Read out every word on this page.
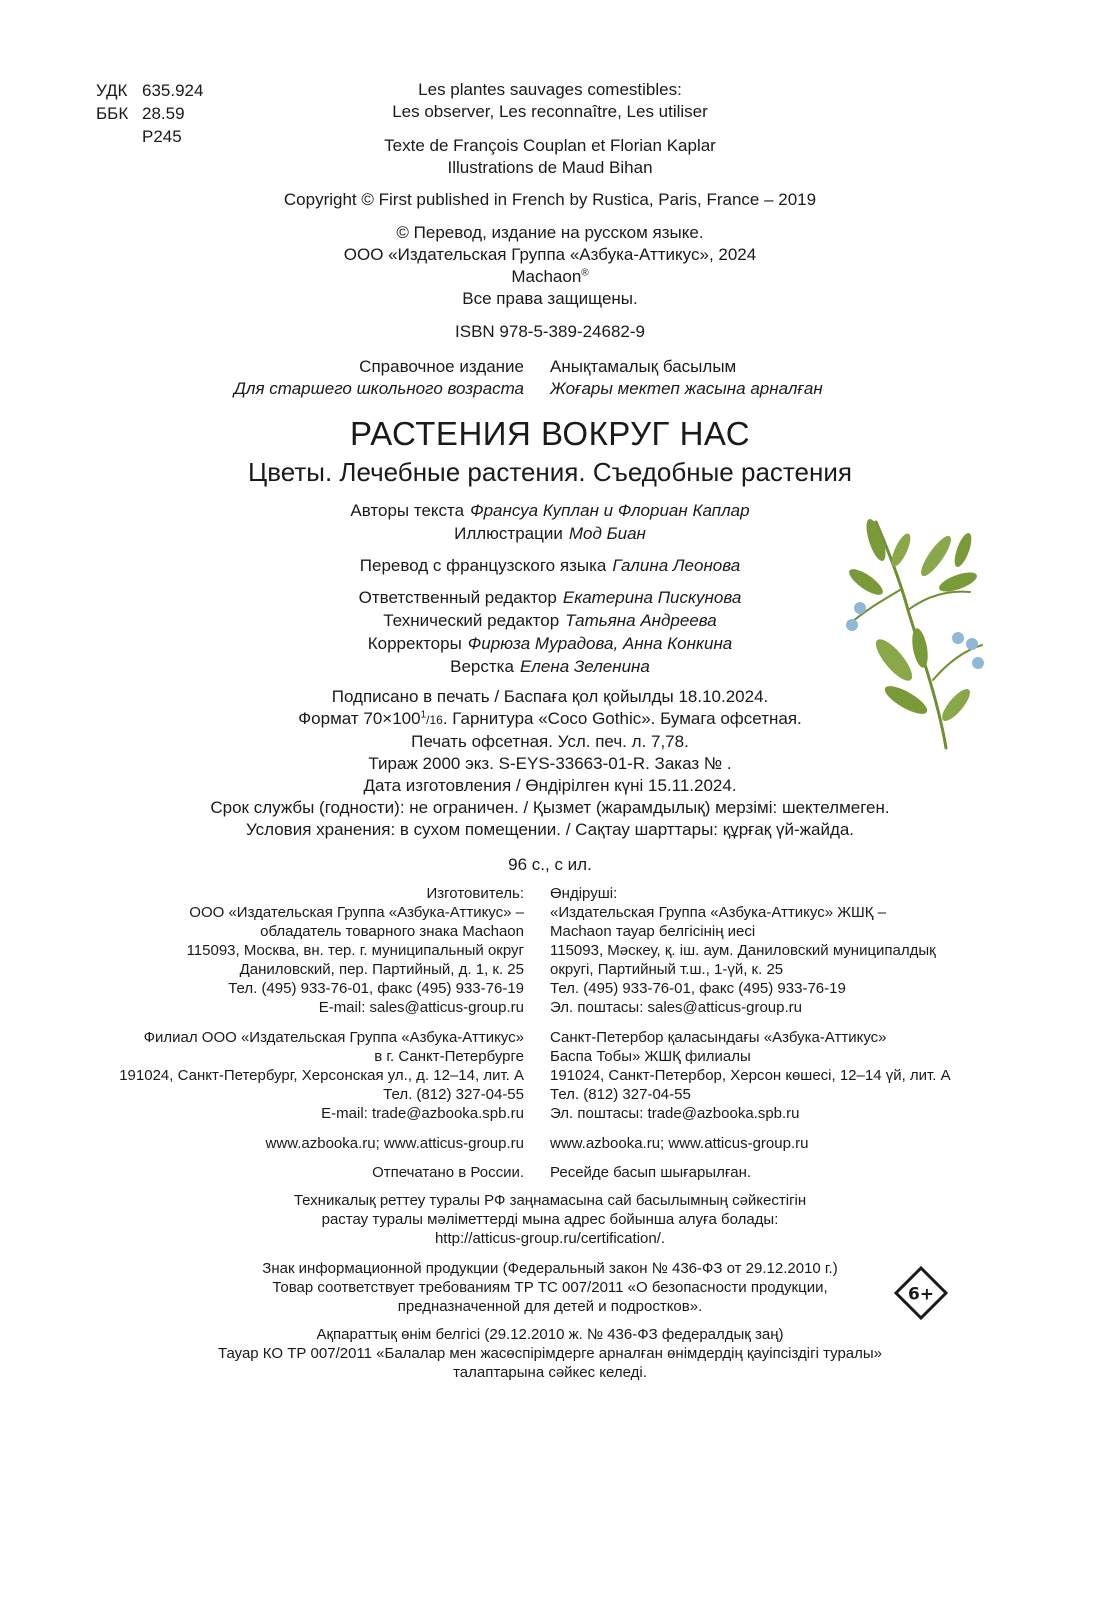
УДК 635.924
ББК 28.59
Р245
Les plantes sauvages comestibles:
Les observer, Les reconnaître, Les utiliser
Texte de François Couplan et Florian Kaplar
Illustrations de Maud Bihan
Copyright © First published in French by Rustica, Paris, France – 2019
© Перевод, издание на русском языке.
ООО «Издательская Группа «Азбука-Аттикус», 2024
Machaon®
Все права защищены.
ISBN 978-5-389-24682-9
Справочное издание	Анықтамалық басылым
Для старшего школьного возраста	Жоғары мектеп жасына арналған
РАСТЕНИЯ ВОКРУГ НАС
Цветы. Лечебные растения. Съедобные растения
Авторы текста Франсуа Куплан и Флориан Каплар
Иллюстрации Мод Биан
Перевод с французского языка Галина Леонова
Ответственный редактор Екатерина Пискунова
Технический редактор Татьяна Андреева
Корректоры Фирюза Мурадова, Анна Конкина
Верстка Елена Зеленина
Подписано в печать / Баспаға қол қойылды 18.10.2024.
Формат $70\times 100^1/16$. Гарнитура «Coco Gothic». Бумага офсетная.
Печать офсетная. Усл. печ. л. 7,78.
Тираж 2000 экз. S-EYS-33663-01-R. Заказ № .
Дата изготовления / Өндірілген күні 15.11.2024.
Срок службы (годности): не ограничен. / Қызмет (жарамдылық) мерзімі: шектелмеген.
Условия хранения: в сухом помещении. / Сақтау шарттары: құрғақ үй-жайда.
96 с., с ил.
Изготовитель:	Өндіруші:
ООО «Издательская Группа «Азбука-Аттикус» –	«Издательская Группа «Азбука-Аттикус» ЖШҚ –
обладатель товарного знака Machaon	Machaon тауар белгісінің иесі
115093, Москва, вн. тер. г. муниципальный округ	115093, Мәскеу, қ. іш. аум. Даниловский муниципалдық
Даниловский, пер. Партийный, д. 1, к. 25	округі, Партийный т.ш., 1-үй, к. 25
Тел. (495) 933-76-01, факс (495) 933-76-19	Тел. (495) 933-76-01, факс (495) 933-76-19
E-mail: sales@atticus-group.ru	Эл. поштасы: sales@atticus-group.ru
Филиал ООО «Издательская Группа «Азбука-Аттикус»	Санкт-Петербор қаласындағы «Азбука-Аттикус»
в г. Санкт-Петербурге	Баспа Тобы» ЖШҚ филиалы
191024, Санкт-Петербург, Херсонская ул., д. 12–14, лит. А	191024, Санкт-Петербор, Херсон көшесі, 12–14 үй, лит. А
Тел. (812) 327-04-55	Тел. (812) 327-04-55
E-mail: trade@azbooka.spb.ru	Эл. поштасы: trade@azbooka.spb.ru
www.azbooka.ru; www.atticus-group.ru	www.azbooka.ru; www.atticus-group.ru
Отпечатано в России.	Ресейде басып шығарылған.
Техникалық реттеу туралы РФ заңнамасына сай басылымның сәйкестігін
растау туралы мәліметтерді мына адрес бойынша алуға болады:
http://atticus-group.ru/certification/.
Знак информационной продукции (Федеральный закон № 436-ФЗ от 29.12.2010 г.)
Товар соответствует требованиям ТР ТС 007/2011 «О безопасности продукции,
предназначенной для детей и подростков».
Ақпараттық өнім белгісі (29.12.2010 ж. № 436-ФЗ федералдық заң)
Тауар КО ТР 007/2011 «Балалар мен жасөспірімдерге арналған өнімдердің қауіпсіздігі туралы»
талаптарына сәйкес келеді.
6+
